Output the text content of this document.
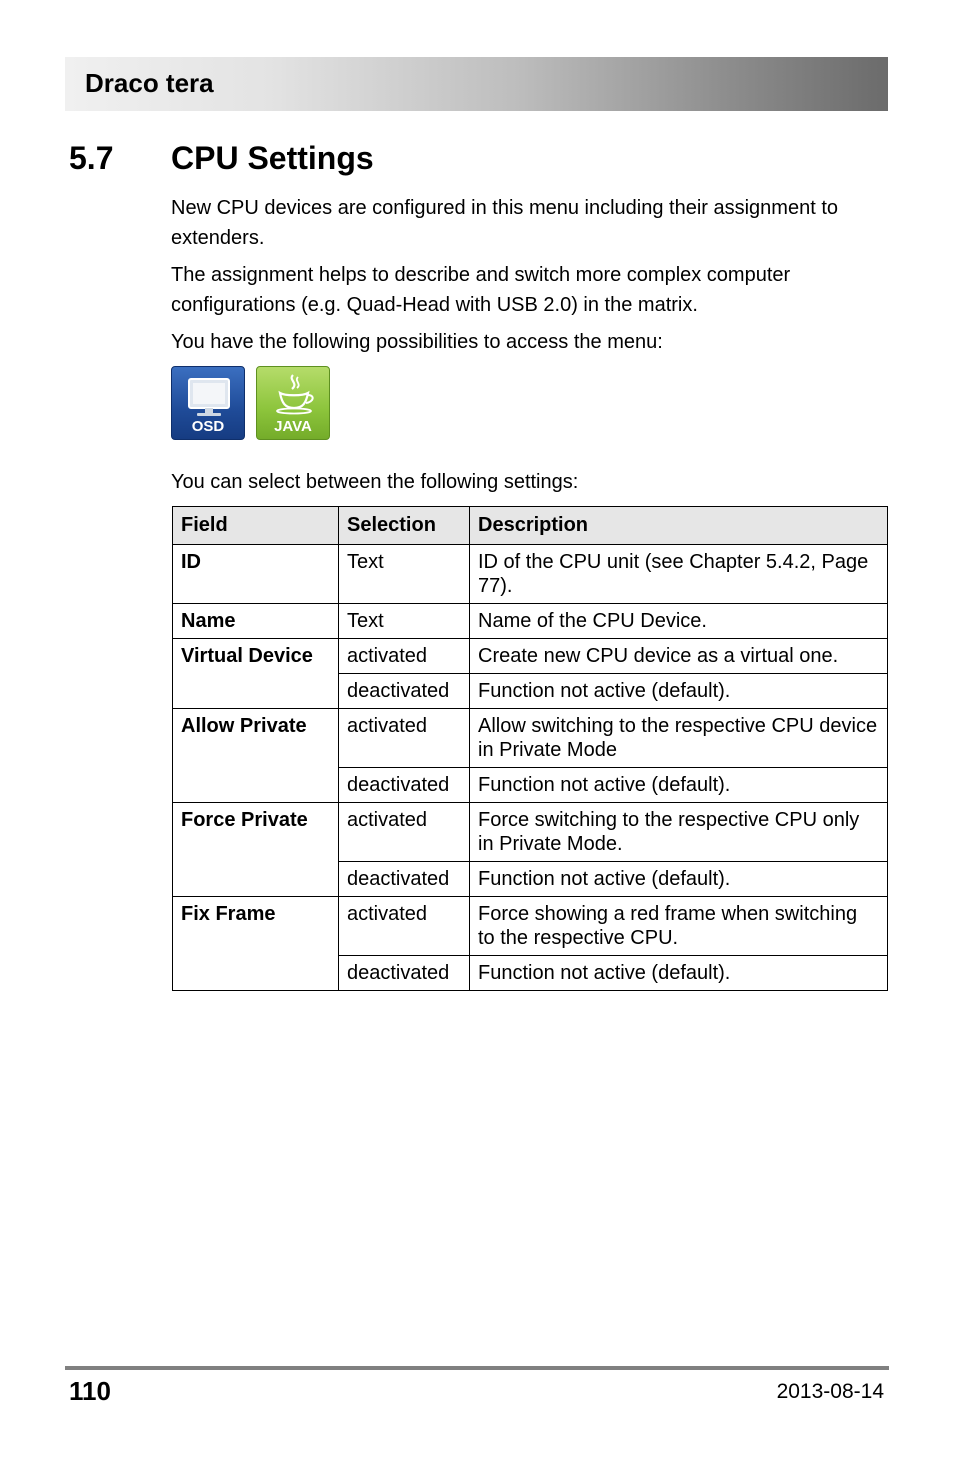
Draco tera
5.7 CPU Settings

New CPU devices are configured in this menu including their assignment to extenders.

The assignment helps to describe and switch more complex computer configurations (e.g. Quad-Head with USB 2.0) in the matrix.

You have the following possibilities to access the menu:

OSD	JAVA

You can select between the following settings:

Field	Selection	Description
ID	Text	ID of the CPU unit (see Chapter 5.4.2, Page 77).
Name	Text	Name of the CPU Device.
Virtual Device	activated	Create new CPU device as a virtual one.
	deactivated	Function not active (default).
Allow Private	activated	Allow switching to the respective CPU device in Private Mode
	deactivated	Function not active (default).
Force Private	activated	Force switching to the respective CPU only in Private Mode.
	deactivated	Function not active (default).
Fix Frame	activated	Force showing a red frame when switching to the respective CPU.
	deactivated	Function not active (default).
110	2013-08-14
